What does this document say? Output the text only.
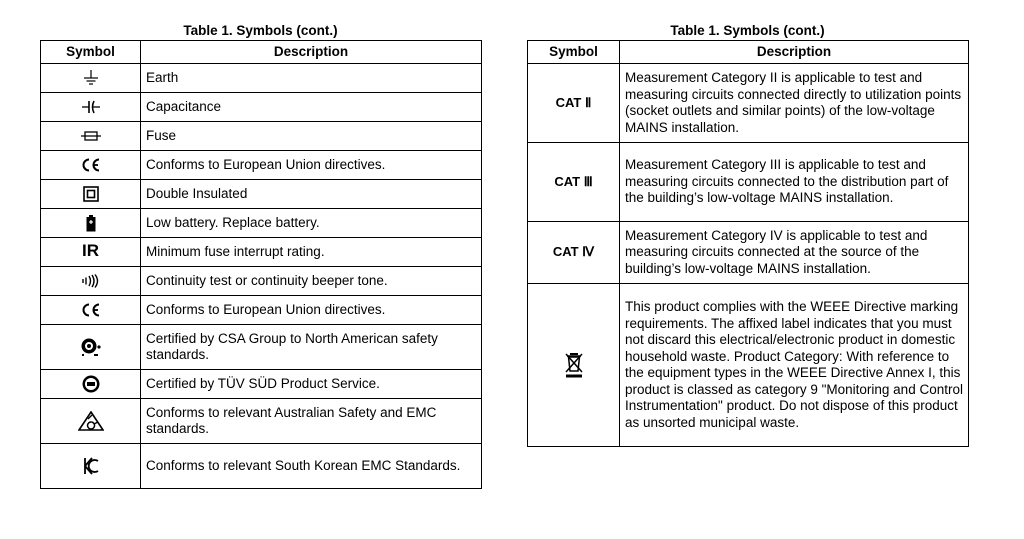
Table 1. Symbols (cont.)
Symbol	Description

	Earth

	Capacitance

	Fuse

	Conforms to European Union directives.

	Double Insulated

	Low battery. Replace battery.
IR	Minimum fuse interrupt rating.

	Continuity test or continuity beeper tone.

	Conforms to European Union directives.

	Certified by CSA Group to North American safety standards.

	Certified by TÜV SÜD Product Service.

	Conforms to relevant Australian Safety and EMC standards.

	Conforms to relevant South Korean EMC Standards.
Table 1. Symbols (cont.)
Symbol	Description
CAT Ⅱ	Measurement Category II is applicable to test and measuring circuits connected directly to utilization points (socket outlets and similar points) of the low-voltage MAINS installation.
CAT Ⅲ	Measurement Category III is applicable to test and measuring circuits connected to the distribution part of the building’s low-voltage MAINS installation.
CAT Ⅳ	Measurement Category IV is applicable to test and measuring circuits connected at the source of the building’s low-voltage MAINS installation.

	This product complies with the WEEE Directive marking requirements. The affixed label indicates that you must not discard this electrical/electronic product in domestic household waste. Product Category: With reference to the equipment types in the WEEE Directive Annex I, this product is classed as category 9 "Monitoring and Control Instrumentation" product. Do not dispose of this product as unsorted municipal waste.
